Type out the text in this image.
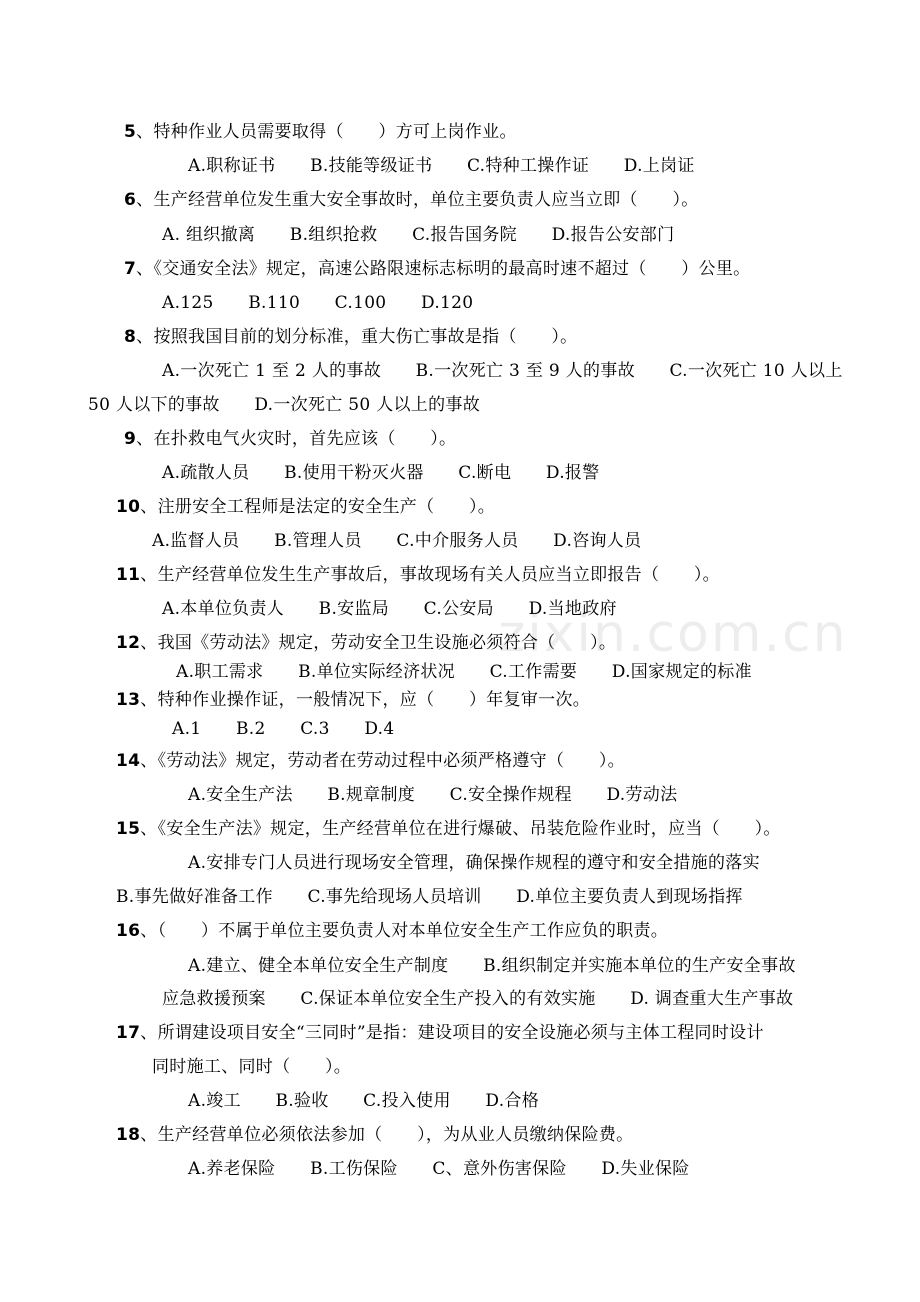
zixin.com.cn
5、特种作业人员需要取得（　　）方可上岗作业。
A.职称证书　　B.技能等级证书　　C.特种工操作证　　D.上岗证
6、生产经营单位发生重大安全事故时，单位主要负责人应当立即（　　）。
A. 组织撤离　　B.组织抢救　　C.报告国务院　　D.报告公安部门
7、《交通安全法》规定，高速公路限速标志标明的最高时速不超过（　　）公里。
A.125　　B.110　　C.100　　D.120
8、按照我国目前的划分标准，重大伤亡事故是指（　　）。
A.一次死亡 1 至 2 人的事故　　B.一次死亡 3 至 9 人的事故　　C.一次死亡 10 人以上
50 人以下的事故　　D.一次死亡 50 人以上的事故
9、在扑救电气火灾时，首先应该（　　）。
A.疏散人员　　B.使用干粉灭火器　　C.断电　　D.报警
10、注册安全工程师是法定的安全生产（　　）。
A.监督人员　　B.管理人员　　C.中介服务人员　　D.咨询人员
11、生产经营单位发生生产事故后，事故现场有关人员应当立即报告（　　）。
A.本单位负责人　　B.安监局　　C.公安局　　D.当地政府
12、我国《劳动法》规定，劳动安全卫生设施必须符合（　　）。
A.职工需求　　B.单位实际经济状况　　C.工作需要　　D.国家规定的标准
13、特种作业操作证，一般情况下，应（　　）年复审一次。
A.1　　B.2　　C.3　　D.4
14、《劳动法》规定，劳动者在劳动过程中必须严格遵守（　　）。
A.安全生产法　　B.规章制度　　C.安全操作规程　　D.劳动法
15、《安全生产法》规定，生产经营单位在进行爆破、吊装危险作业时，应当（　　）。
A.安排专门人员进行现场安全管理，确保操作规程的遵守和安全措施的落实
B.事先做好准备工作　　C.事先给现场人员培训　　D.单位主要负责人到现场指挥
16、（　　）不属于单位主要负责人对本单位安全生产工作应负的职责。
A.建立、健全本单位安全生产制度　　B.组织制定并实施本单位的生产安全事故
应急救援预案　　C.保证本单位安全生产投入的有效实施　　D. 调查重大生产事故
17、所谓建设项目安全“三同时”是指：建设项目的安全设施必须与主体工程同时设计
同时施工、同时（　　）。
A.竣工　　B.验收　　C.投入使用　　D.合格
18、生产经营单位必须依法参加（　　），为从业人员缴纳保险费。
A.养老保险　　B.工伤保险　　C、意外伤害保险　　D.失业保险
